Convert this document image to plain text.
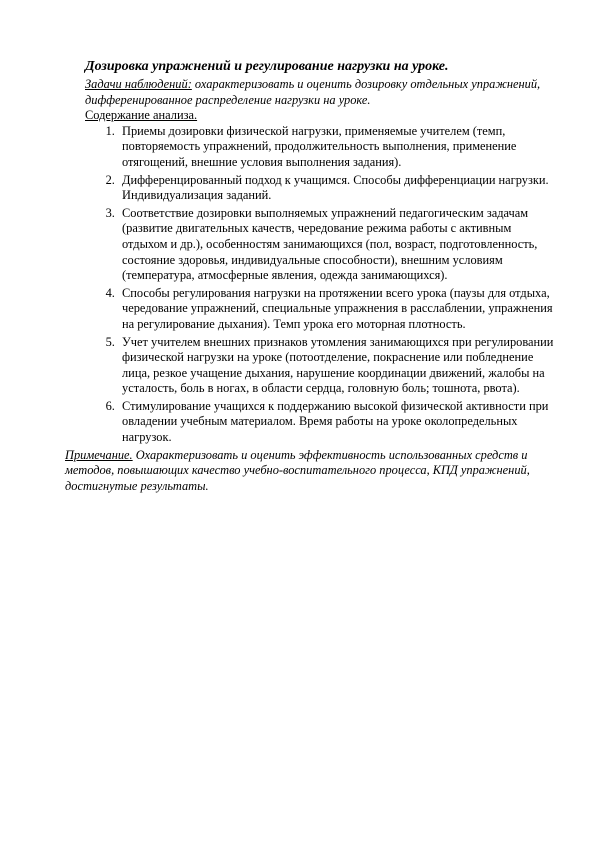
Дозировка упражнений и регулирование нагрузки на уроке.

Задачи наблюдений: охарактеризовать и оценить дозировку отдельных упражнений, дифференированное распределение нагрузки на уроке.

Содержание анализа.

1. Приемы дозировки физической нагрузки, применяемые учителем (темп, повторяемость упражнений, продолжительность выполнения, применение отягощений, внешние условия выполнения задания).
2. Дифференцированный подход к учащимся. Способы дифференциации нагрузки. Индивидуализация заданий.
3. Соответствие дозировки выполняемых упражнений педагогическим задачам (развитие двигательных качеств, чередование режима работы с активным отдыхом и др.), особенностям занимающихся (пол, возраст, подготовленность, состояние здоровья, индивидуальные способности), внешним условиям (температура, атмосферные явления, одежда занимающихся).
4. Способы регулирования нагрузки на протяжении всего урока (паузы для отдыха, чередование упражнений, специальные упражнения в расслаблении, упражнения на регулирование дыхания). Темп урока его моторная плотность.
5. Учет учителем внешних признаков утомления занимающихся при регулировании физической нагрузки на уроке (потоотделение, покраснение или побледнение лица, резкое учащение дыхания, нарушение координации движений, жалобы на усталость, боль в ногах, в области сердца, головную боль; тошнота, рвота).
6. Стимулирование учащихся к поддержанию высокой физической активности при овладении учебным материалом. Время работы на уроке околопредельных нагрузок.

Примечание. Охарактеризовать и оценить эффективность использованных средств и методов, повышающих качество учебно-воспитательного процесса, КПД упражнений, достигнутые результаты.
